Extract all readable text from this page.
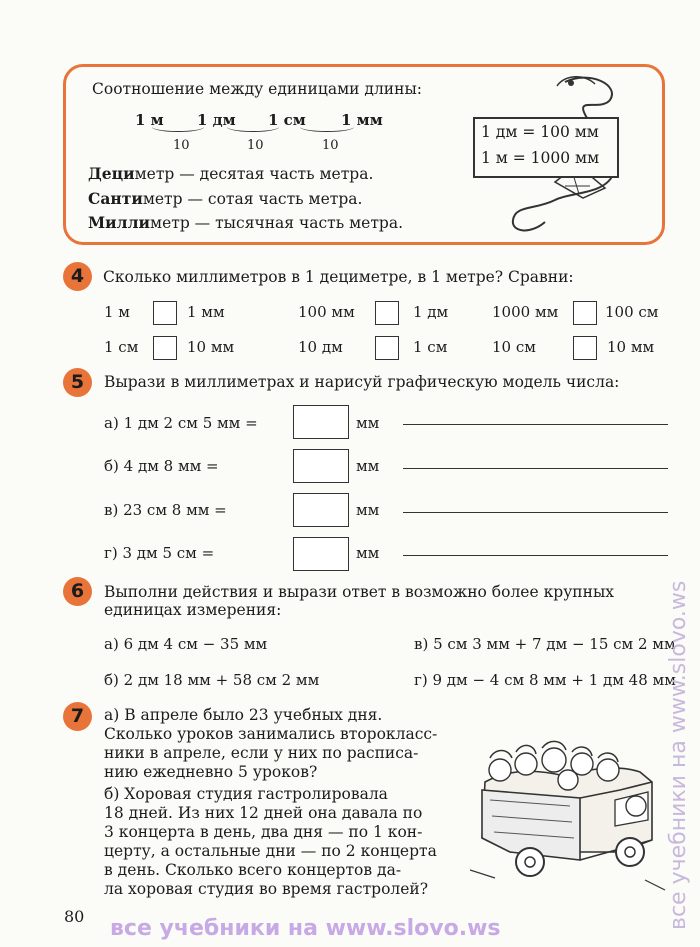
Соотношение между единицами длины:
1 м 1 дм 1 см 1 мм
10	10	10
Дециметр — десятая часть метра.
Сантиметр — сотая часть метра.
Миллиметр — тысячная часть метра.
1 дм = 100 мм
1 м = 1000 мм
4	Сколько миллиметров в 1 дециметре, в 1 метре? Сравни:
1 м	1 мм	100 мм	1 дм	1000 мм	100 см
1 см	10 мм	10 дм	1 см	10 см	10 мм
5	Вырази в миллиметрах и нарисуй графическую модель числа:
а) 1 дм 2 см 5 мм =	мм
б) 4 дм 8 мм =	мм
в) 23 см 8 мм =	мм
г) 3 дм 5 см =	мм
6	Выполни действия и вырази ответ в возможно более крупных
единицах измерения:
а) 6 дм 4 см − 35 мм	в) 5 см 3 мм + 7 дм − 15 см 2 мм
б) 2 дм 18 мм + 58 см 2 мм	г) 9 дм − 4 см 8 мм + 1 дм 48 мм
7	а) В апреле было 23 учебных дня.
Сколько уроков занимались второкласс-
ники в апреле, если у них по расписа-
нию ежедневно 5 уроков?
б) Хоровая студия гастролировала
18 дней. Из них 12 дней она давала по
3 концерта в день, два дня — по 1 кон-
церту, а остальные дни — по 2 концерта
в день. Сколько всего концертов да-
ла хоровая студия во время гастролей?
80 все учебники на www.slovo.ws	все учебники на www.slovo.ws
